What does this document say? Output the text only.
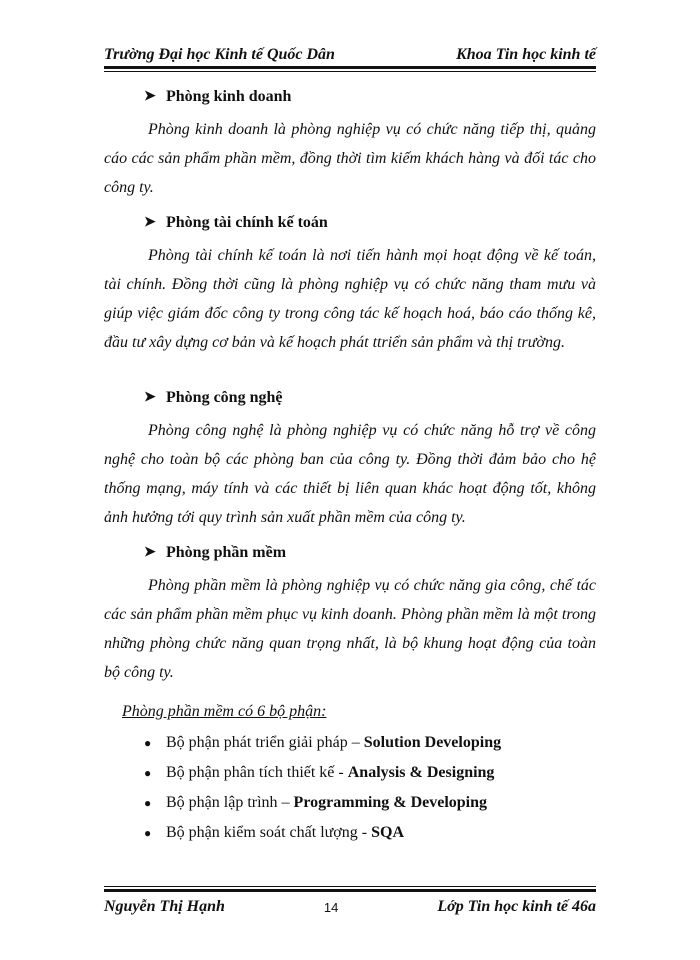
Trường Đại học Kinh tế Quốc Dân	Khoa Tin học kinh tế
➤ Phòng kinh doanh

Phòng kinh doanh là phòng nghiệp vụ có chức năng tiếp thị, quảng cáo các sản phẩm phần mềm, đồng thời tìm kiếm khách hàng và đối tác cho công ty.

➤ Phòng tài chính kế toán

Phòng tài chính kế toán là nơi tiến hành mọi hoạt động về kế toán, tài chính. Đồng thời cũng là phòng nghiệp vụ có chức năng tham mưu và giúp việc giám đốc công ty trong công tác kế hoạch hoá, báo cáo thống kê, đầu tư xây dựng cơ bản và kế hoạch phát ttriển sản phẩm và thị trường.

➤ Phòng công nghệ

Phòng công nghệ là phòng nghiệp vụ có chức năng hỗ trợ về công nghệ cho toàn bộ các phòng ban của công ty. Đồng thời đảm bảo cho hệ thống mạng, máy tính và các thiết bị liên quan khác hoạt động tốt, không ảnh hưởng tới quy trình sản xuất phần mềm của công ty.

➤ Phòng phần mềm

Phòng phần mềm là phòng nghiệp vụ có chức năng gia công, chế tác các sản phẩm phần mềm phục vụ kinh doanh. Phòng phần mềm là một trong những phòng chức năng quan trọng nhất, là bộ khung hoạt động của toàn bộ công ty.

Phòng phần mềm có 6 bộ phận:

● Bộ phận phát triển giải pháp – Solution Developing
● Bộ phận phân tích thiết kế - Analysis & Designing
● Bộ phận lập trình – Programming & Developing
● Bộ phận kiểm soát chất lượng - SQA
Nguyễn Thị Hạnh	14	Lớp Tin học kinh tế 46a
